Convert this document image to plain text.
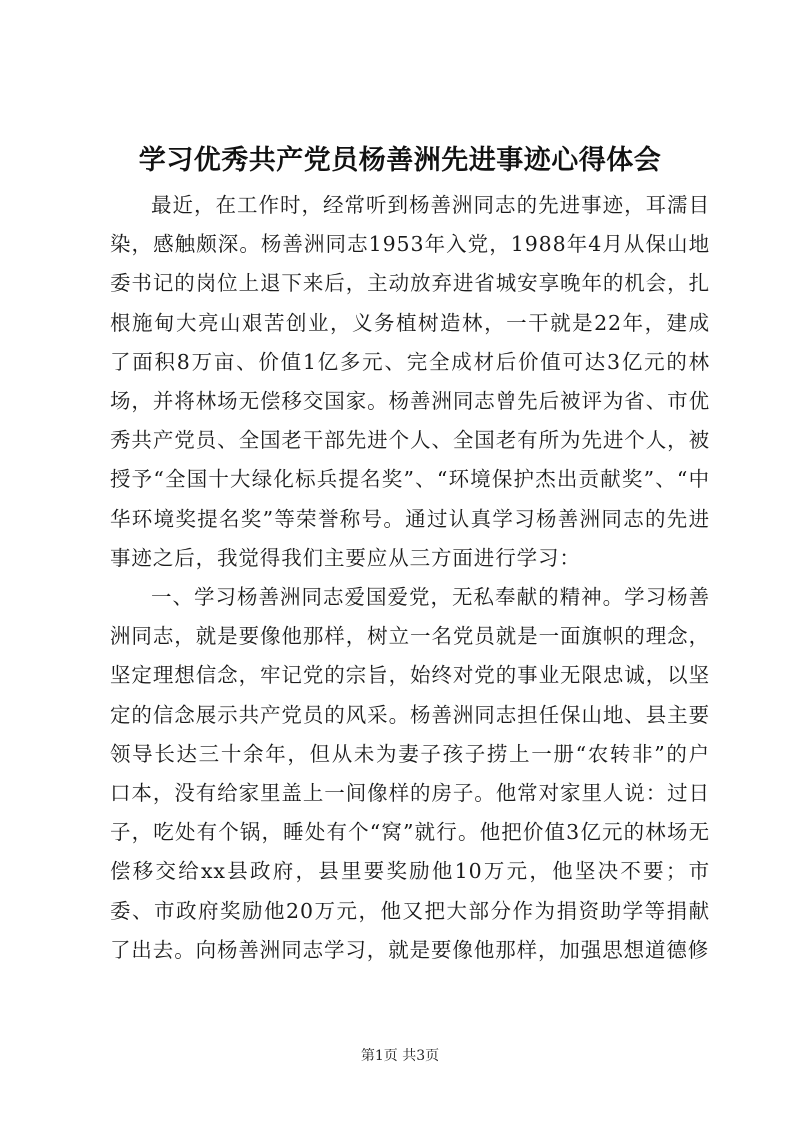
学习优秀共产党员杨善洲先进事迹心得体会

最近，在工作时，经常听到杨善洲同志的先进事迹，耳濡目染，感触颇深。杨善洲同志1953年入党，1988年4月从保山地委书记的岗位上退下来后，主动放弃进省城安享晚年的机会，扎根施甸大亮山艰苦创业，义务植树造林，一干就是22年，建成了面积8万亩、价值1亿多元、完全成材后价值可达3亿元的林场，并将林场无偿移交国家。杨善洲同志曾先后被评为省、市优秀共产党员、全国老干部先进个人、全国老有所为先进个人，被授予“全国十大绿化标兵提名奖”、“环境保护杰出贡献奖”、“中华环境奖提名奖”等荣誉称号。通过认真学习杨善洲同志的先进事迹之后，我觉得我们主要应从三方面进行学习：

一、学习杨善洲同志爱国爱党，无私奉献的精神。学习杨善洲同志，就是要像他那样，树立一名党员就是一面旗帜的理念，坚定理想信念，牢记党的宗旨，始终对党的事业无限忠诚，以坚定的信念展示共产党员的风采。杨善洲同志担任保山地、县主要领导长达三十余年，但从未为妻子孩子捞上一册“农转非”的户口本，没有给家里盖上一间像样的房子。他常对家里人说：过日子，吃处有个锅，睡处有个“窝”就行。他把价值3亿元的林场无偿移交给xx县政府，县里要奖励他10万元，他坚决不要；市委、市政府奖励他20万元，他又把大部分作为捐资助学等捐献了出去。向杨善洲同志学习，就是要像他那样，加强思想道德修

第1页 共3页
